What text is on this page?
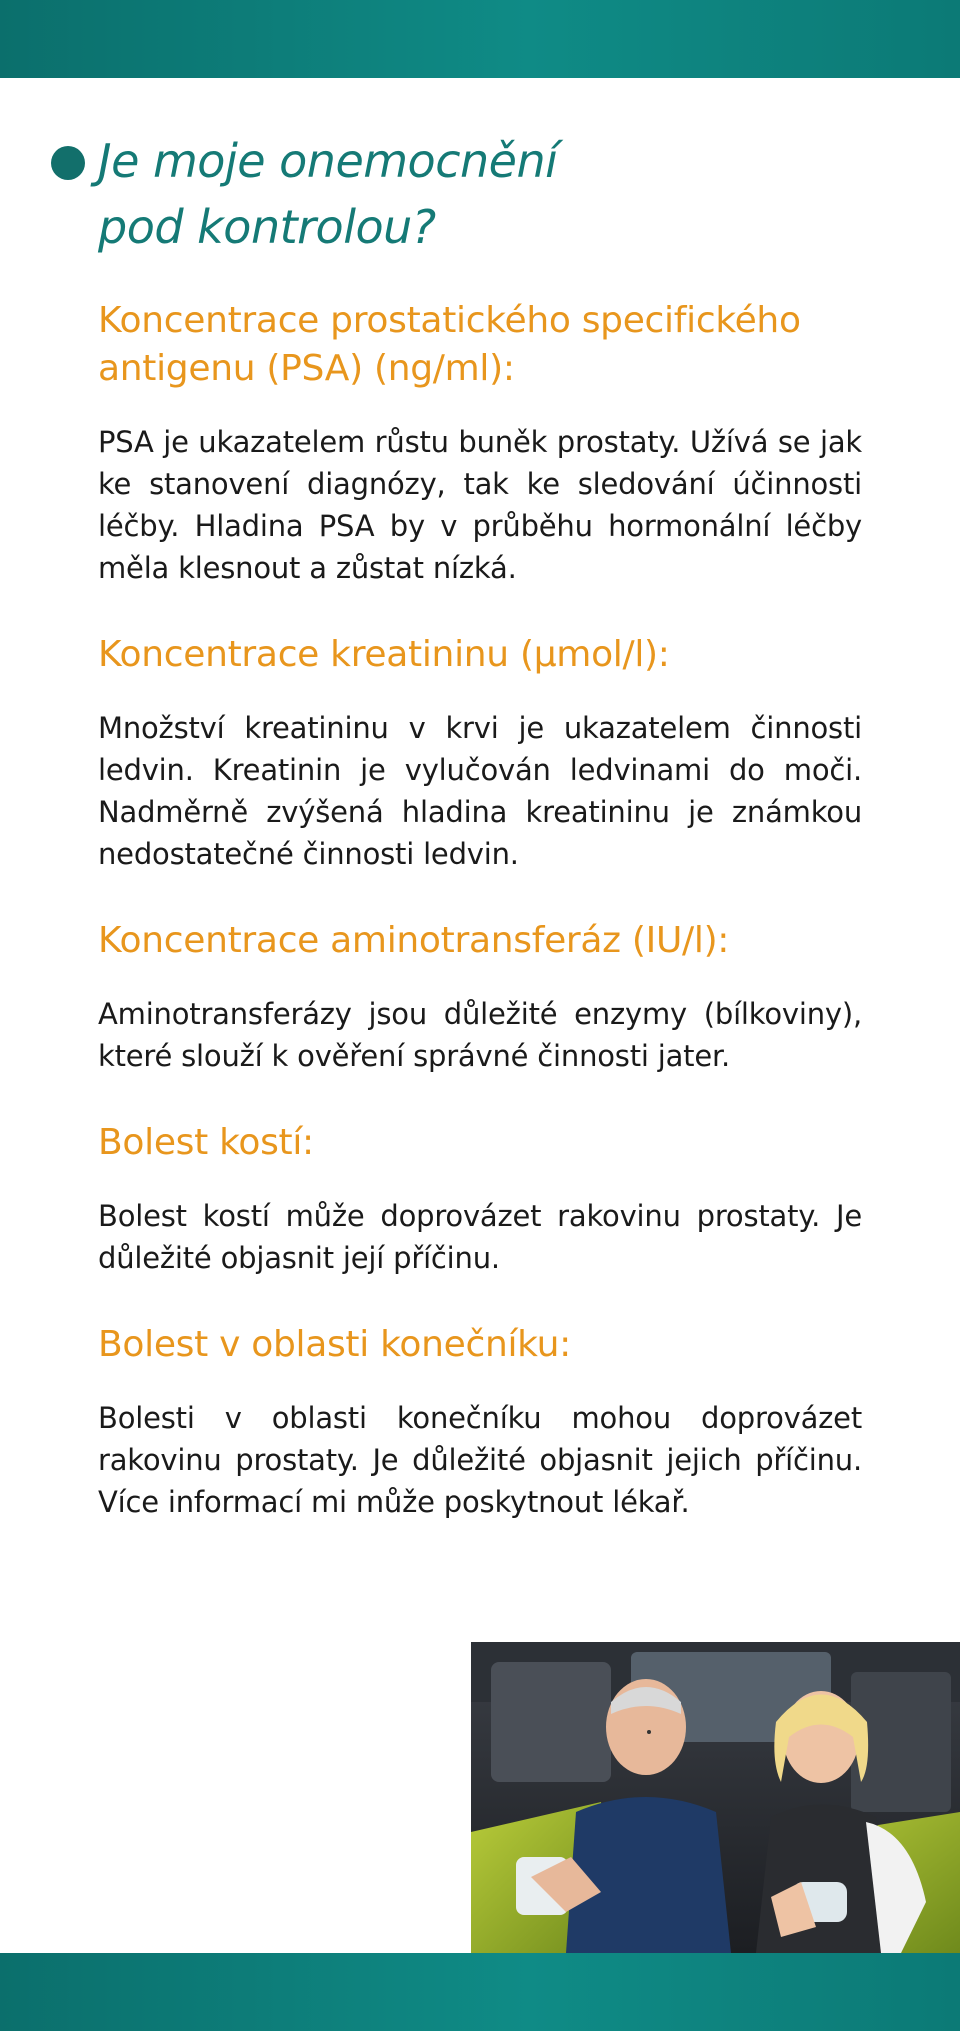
Je moje onemocnění
pod kontrolou?
Koncentrace prostatického specifického antigenu (PSA) (ng/ml):

PSA je ukazatelem růstu buněk prostaty. Užívá se jak ke stanovení diagnózy, tak ke sledování účinnosti léčby. Hladina PSA by v průběhu hormonální léčby měla klesnout a zůstat nízká.

Koncentrace kreatininu (µmol/l):

Množství kreatininu v krvi je ukazatelem činnosti ledvin. Kreatinin je vylučován ledvinami do moči. Nadměrně zvýšená hladina kreatininu je známkou nedostatečné činnosti ledvin.

Koncentrace aminotransferáz (IU/l):

Aminotransferázy jsou důležité enzymy (bílkoviny), které slouží k ověření správné činnosti jater.

Bolest kostí:

Bolest kostí může doprovázet rakovinu prostaty. Je důležité objasnit její příčinu.

Bolest v oblasti konečníku:

Bolesti v oblasti konečníku mohou doprovázet rakovinu prostaty. Je důležité objasnit jejich příčinu. Více informací mi může poskytnout lékař.
